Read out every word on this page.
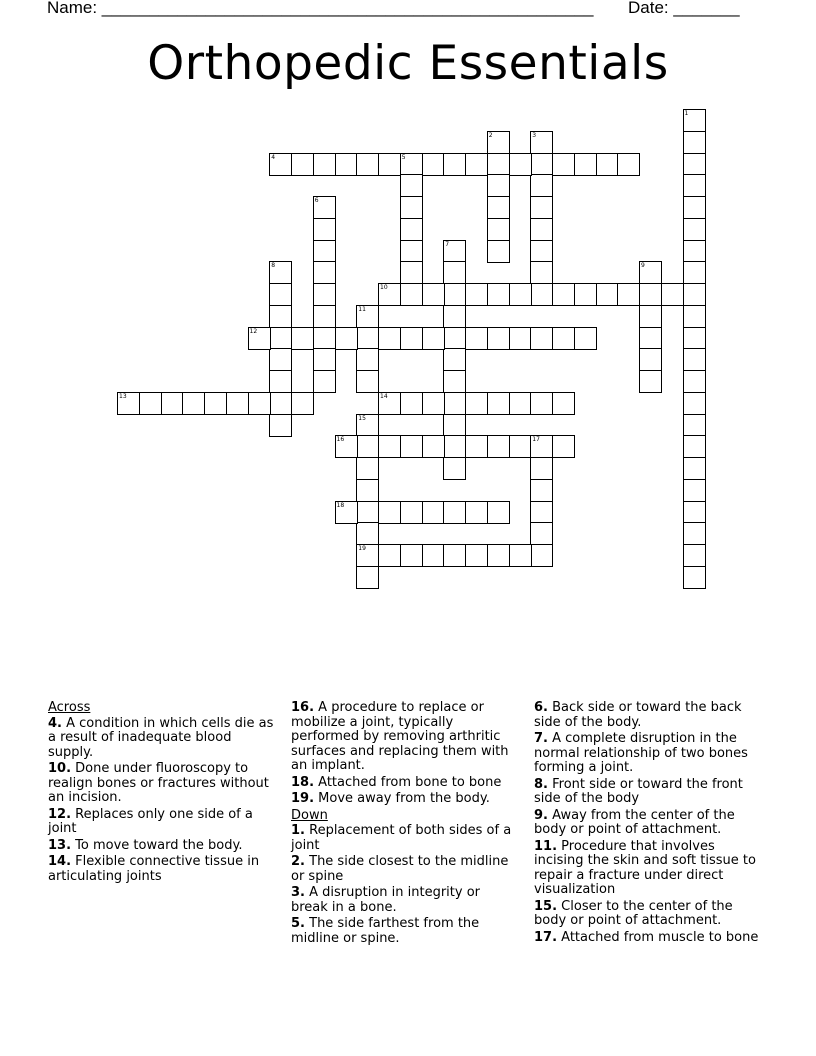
Name: ____________________________________________________ Date: _______
Orthopedic Essentials
1
2	3
4	5
6
7
8	9
10
11
12
13	14
15
19
16	17
18
Across
4. A condition in which cells die as a result of inadequate blood supply.
10. Done under fluoroscopy to realign bones or fractures without an incision.
12. Replaces only one side of a joint
13. To move toward the body.
14. Flexible connective tissue in articulating joints
16. A procedure to replace or mobilize a joint, typically performed by removing arthritic surfaces and replacing them with an implant.
18. Attached from bone to bone
19. Move away from the body.
Down
1. Replacement of both sides of a joint
2. The side closest to the midline or spine
3. A disruption in integrity or break in a bone.
5. The side farthest from the midline or spine.
6. Back side or toward the back side of the body.
7. A complete disruption in the normal relationship of two bones forming a joint.
8. Front side or toward the front side of the body
9. Away from the center of the body or point of attachment.
11. Procedure that involves incising the skin and soft tissue to repair a fracture under direct visualization
15. Closer to the center of the body or point of attachment.
17. Attached from muscle to bone
